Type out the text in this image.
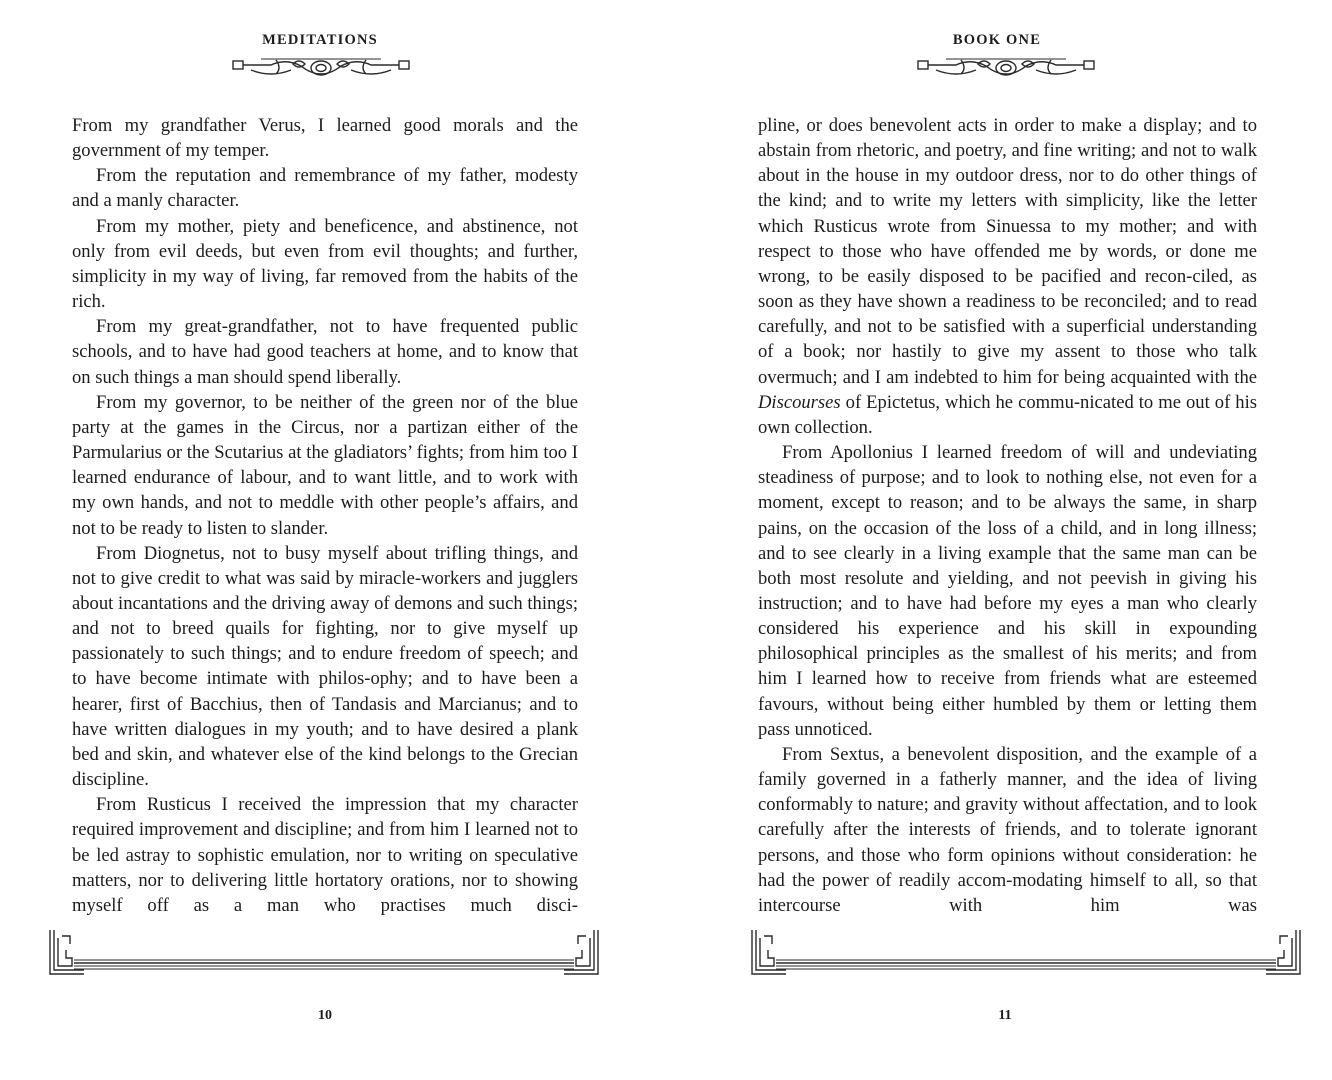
MEDITATIONS

From my grandfather Verus, I learned good morals and the government of my temper.

From the reputation and remembrance of my father, modesty and a manly character.

From my mother, piety and beneficence, and abstinence, not only from evil deeds, but even from evil thoughts; and further, simplicity in my way of living, far removed from the habits of the rich.

From my great-grandfather, not to have frequented public schools, and to have had good teachers at home, and to know that on such things a man should spend liberally.

From my governor, to be neither of the green nor of the blue party at the games in the Circus, nor a partizan either of the Parmularius or the Scutarius at the gladiators’ fights; from him too I learned endurance of labour, and to want little, and to work with my own hands, and not to meddle with other people’s affairs, and not to be ready to listen to slander.

From Diognetus, not to busy myself about trifling things, and not to give credit to what was said by miracle-workers and jugglers about incantations and the driving away of demons and such things; and not to breed quails for fighting, nor to give myself up passionately to such things; and to endure freedom of speech; and to have become intimate with philos-ophy; and to have been a hearer, first of Bacchius, then of Tandasis and Marcianus; and to have written dialogues in my youth; and to have desired a plank bed and skin, and whatever else of the kind belongs to the Grecian discipline.

From Rusticus I received the impression that my character required improvement and discipline; and from him I learned not to be led astray to sophistic emulation, nor to writing on speculative matters, nor to delivering little hortatory orations, nor to showing myself off as a man who practises much disci-

10
BOOK ONE

pline, or does benevolent acts in order to make a display; and to abstain from rhetoric, and poetry, and fine writing; and not to walk about in the house in my outdoor dress, nor to do other things of the kind; and to write my letters with simplicity, like the letter which Rusticus wrote from Sinuessa to my mother; and with respect to those who have offended me by words, or done me wrong, to be easily disposed to be pacified and recon-ciled, as soon as they have shown a readiness to be reconciled; and to read carefully, and not to be satisfied with a superficial understanding of a book; nor hastily to give my assent to those who talk overmuch; and I am indebted to him for being acquainted with the Discourses of Epictetus, which he commu-nicated to me out of his own collection.

From Apollonius I learned freedom of will and undeviating steadiness of purpose; and to look to nothing else, not even for a moment, except to reason; and to be always the same, in sharp pains, on the occasion of the loss of a child, and in long illness; and to see clearly in a living example that the same man can be both most resolute and yielding, and not peevish in giving his instruction; and to have had before my eyes a man who clearly considered his experience and his skill in expounding philosophical principles as the smallest of his merits; and from him I learned how to receive from friends what are esteemed favours, without being either humbled by them or letting them pass unnoticed.

From Sextus, a benevolent disposition, and the example of a family governed in a fatherly manner, and the idea of living conformably to nature; and gravity without affectation, and to look carefully after the interests of friends, and to tolerate ignorant persons, and those who form opinions without consideration: he had the power of readily accom-modating himself to all, so that intercourse with him was

11
